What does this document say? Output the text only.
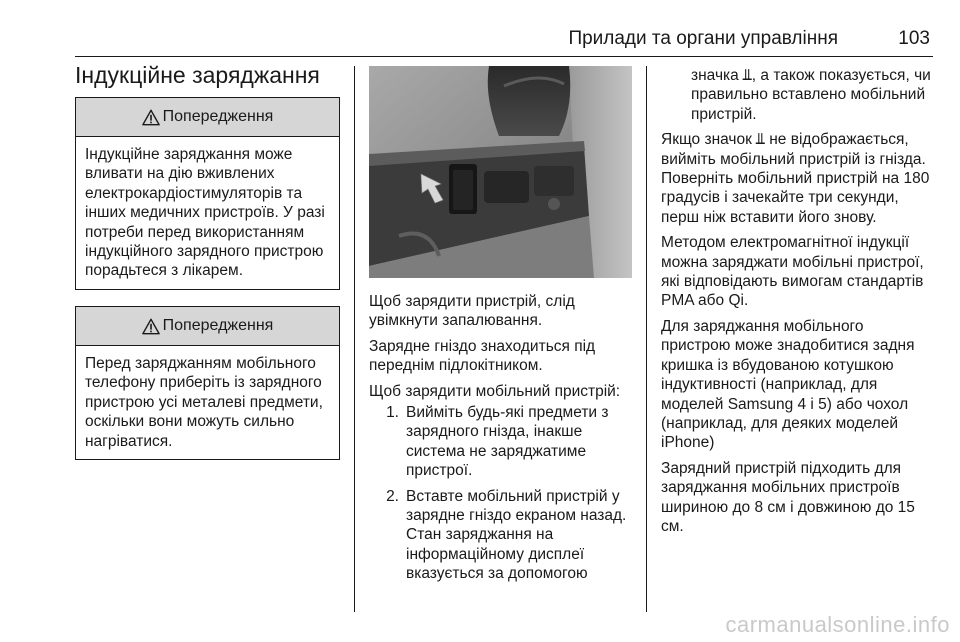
Прилади та органи управління	103
Індукційне заряджання
Попередження
Індукційне заряджання може вливати на дію вживлених електрокардіостимуляторів та інших медичних пристроїв. У разі потреби перед використанням індукційного зарядного пристрою порадьтеся з лікарем.
Попередження
Перед заряджанням мобільного телефону приберіть із зарядного пристрою усі металеві предмети, оскільки вони можуть сильно нагріватися.

Щоб зарядити пристрій, слід увімкнути запалювання.

Зарядне гніздо знаходиться під переднім підлокітником.

Щоб зарядити мобільний пристрій:

1. Вийміть будь-які предмети з зарядного гнізда, інакше система не заряджатиме пристрої.
2. Вставте мобільний пристрій у зарядне гніздо екраном назад. Стан заряджання на інформаційному дисплеї вказується за допомогою

значка ⫫, а також показується, чи правильно вставлено мобільний пристрій.

Якщо значок ⫫ не відображається, вийміть мобільний пристрій із гнізда. Поверніть мобільний пристрій на 180 градусів і зачекайте три секунди, перш ніж вставити його знову.

Методом електромагнітної індукції можна заряджати мобільні пристрої, які відповідають вимогам стандартів PMA або Qi.

Для заряджання мобільного пристрою може знадобитися задня кришка із вбудованою котушкою індуктивності (наприклад, для моделей Samsung 4 і 5) або чохол (наприклад, для деяких моделей iPhone)

Зарядний пристрій підходить для заряджання мобільних пристроїв шириною до 8 см і довжиною до 15 см.

carmanualsonline.info
